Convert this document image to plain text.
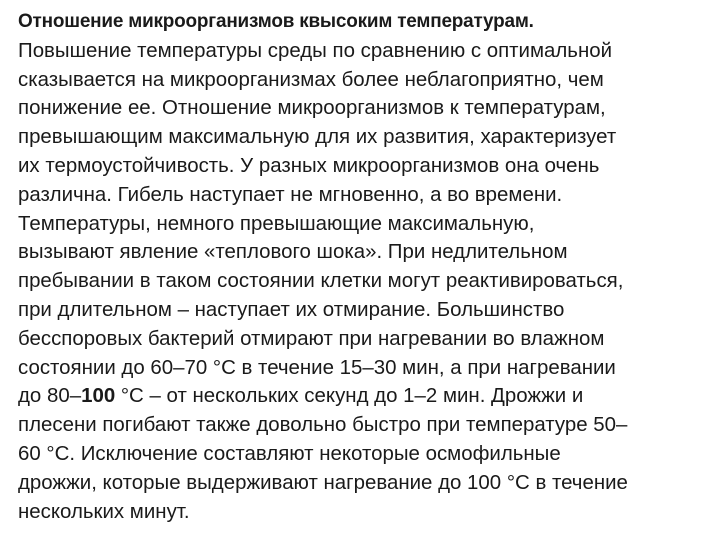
Отношение микроорганизмов квысоким температурам.
Повышение температуры среды по сравнению с оптимальной
сказывается на микроорганизмах более неблагоприятно, чем
понижение ее. Отношение микроорганизмов к температурам,
превышающим максимальную для их развития, характеризует
их термоустойчивость. У разных микроорганизмов она очень
различна. Гибель наступает не мгновенно, а во времени.
Температуры, немного превышающие максимальную,
вызывают явление «теплового шока». При недлительном
пребывании в таком состоянии клетки могут реактивироваться,
при длительном – наступает их отмирание. Большинство
бесспоровых бактерий отмирают при нагревании во влажном
состоянии до 60–70 °С в течение 15–30 мин, а при нагревании
до 80–100 °С – от нескольких секунд до 1–2 мин. Дрожжи и
плесени погибают также довольно быстро при температуре 50–
60 °С. Исключение составляют некоторые осмофильные
дрожжи, которые выдерживают нагревание до 100 °С в течение
нескольких минут.
